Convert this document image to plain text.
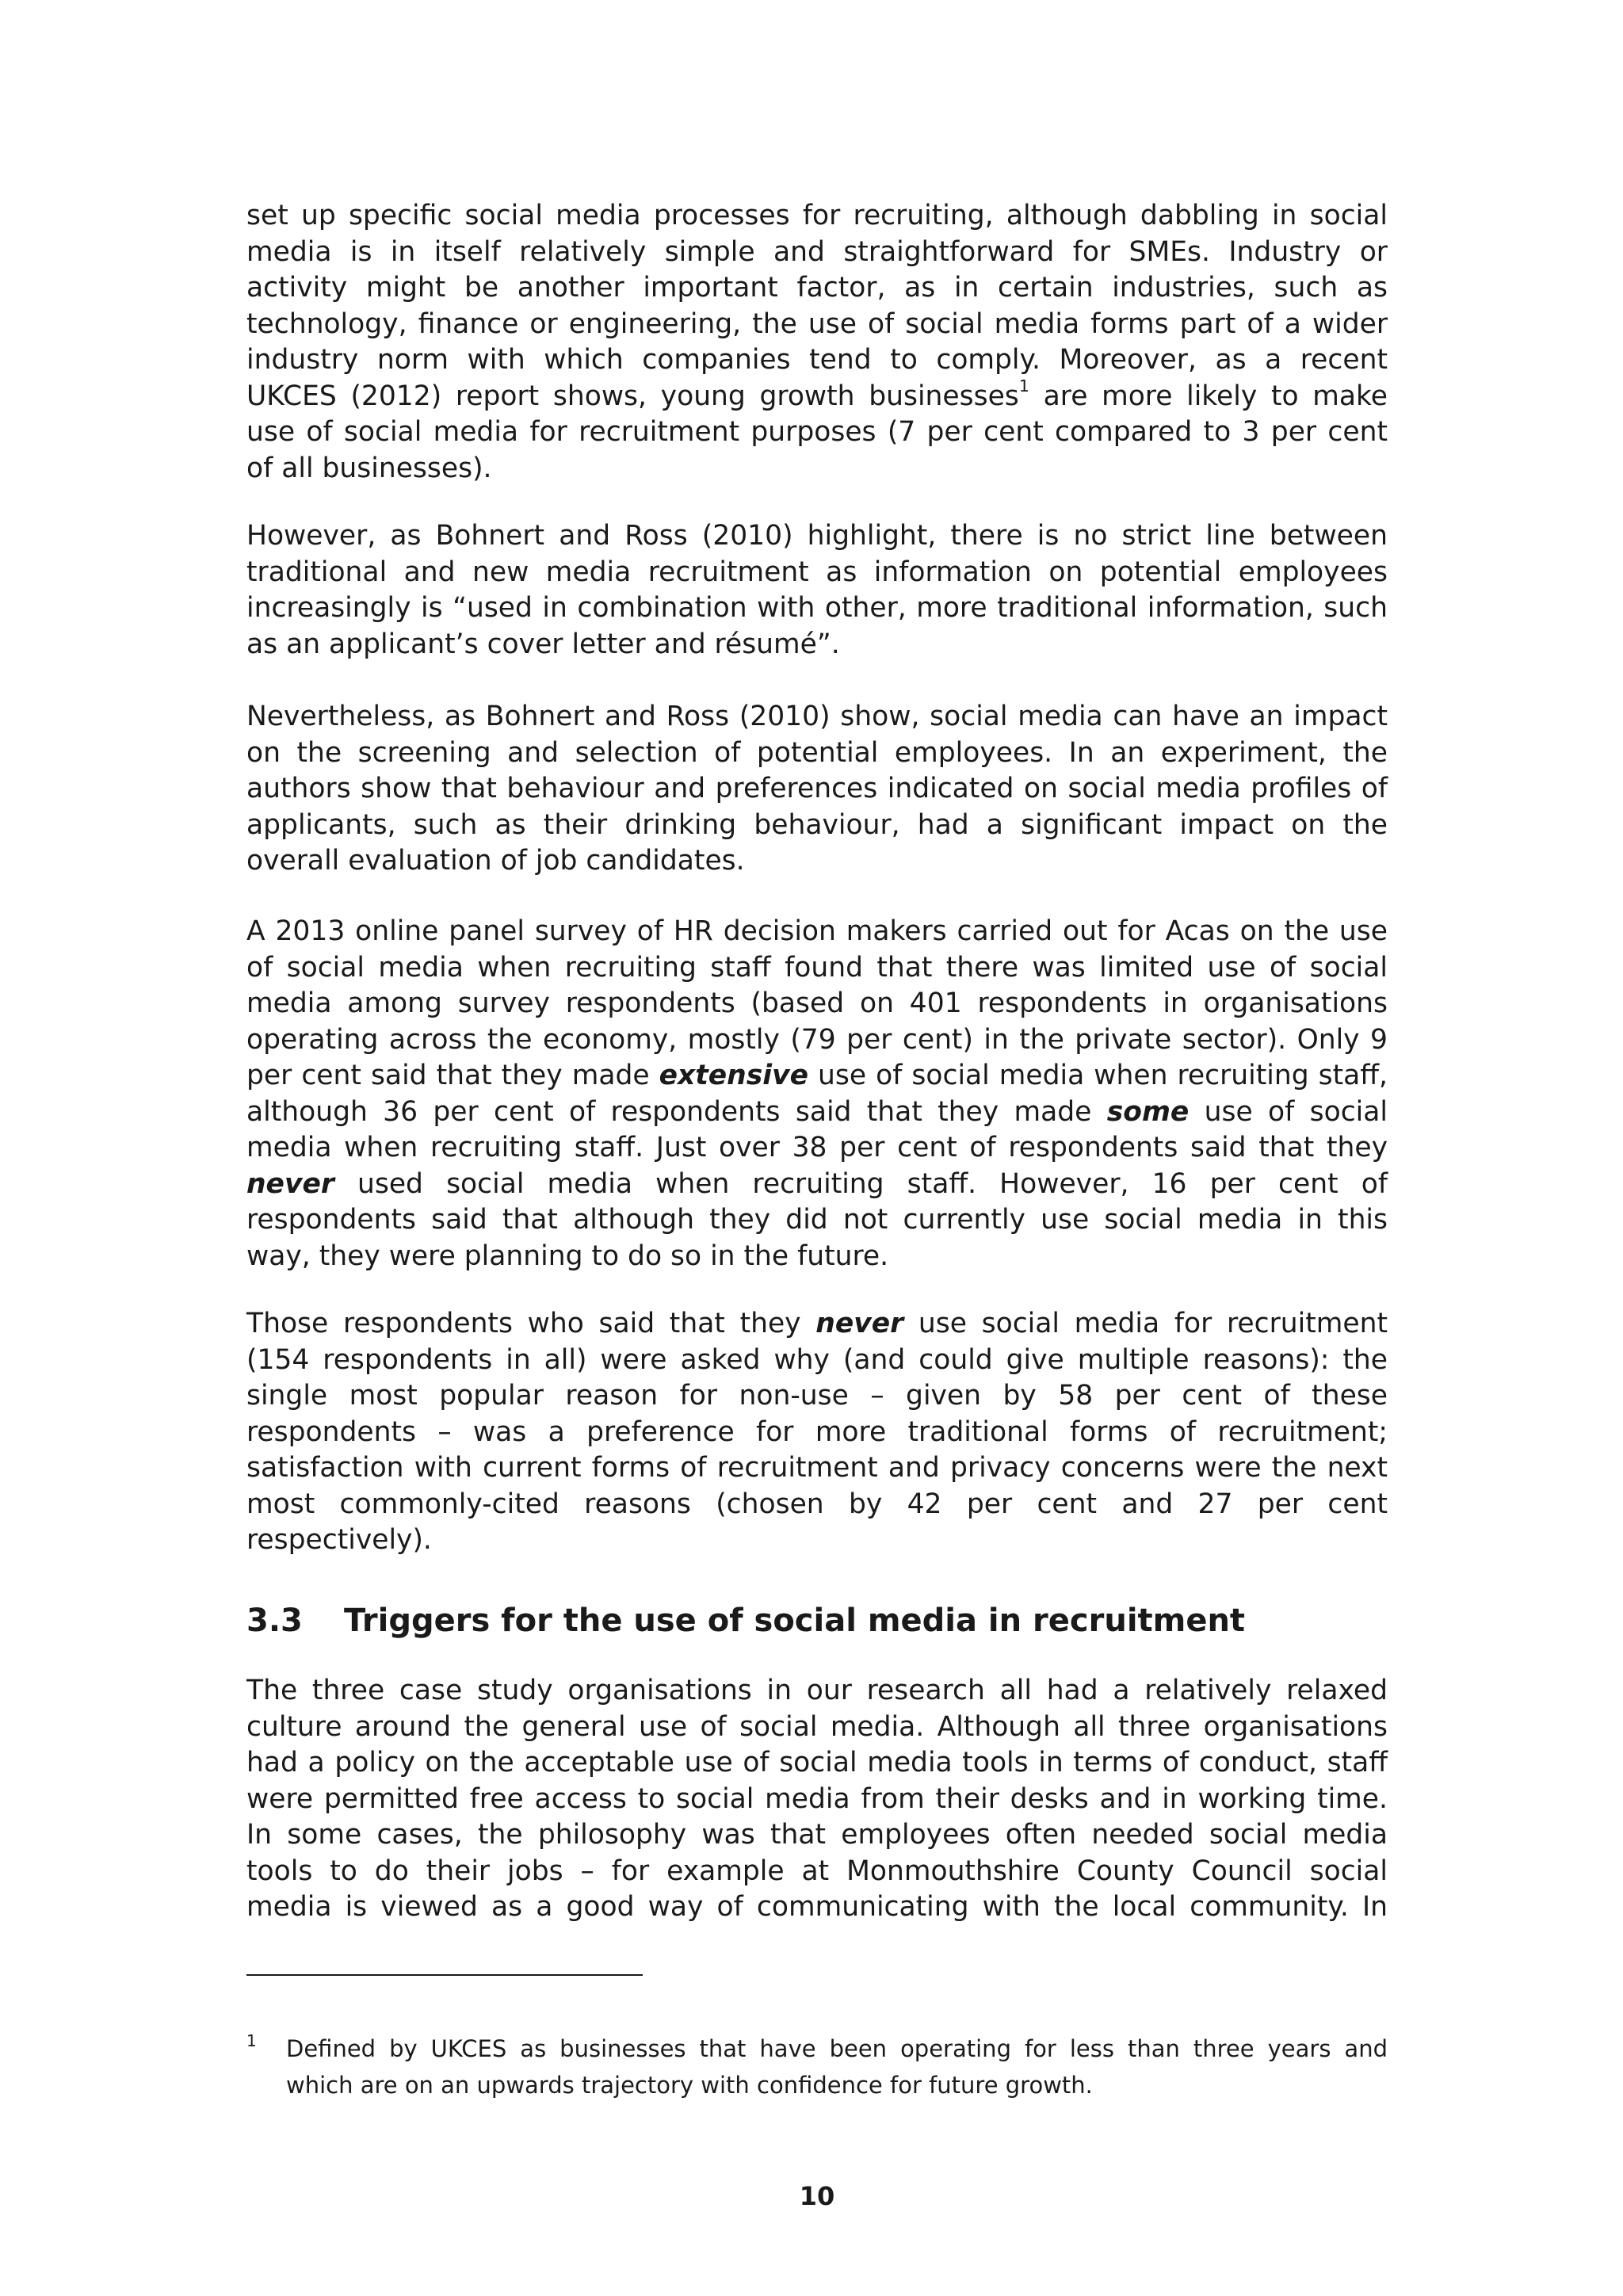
set up specific social media processes for recruiting, although dabbling in social
media is in itself relatively simple and straightforward for SMEs. Industry or
activity might be another important factor, as in certain industries, such as
technology, finance or engineering, the use of social media forms part of a wider
industry norm with which companies tend to comply. Moreover, as a recent
UKCES (2012) report shows, young growth businesses$^1$ are more likely to make
use of social media for recruitment purposes (7 per cent compared to 3 per cent
of all businesses).
However, as Bohnert and Ross (2010) highlight, there is no strict line between
traditional and new media recruitment as information on potential employees
increasingly is “used in combination with other, more traditional information, such
as an applicant’s cover letter and résumé”.
Nevertheless, as Bohnert and Ross (2010) show, social media can have an impact
on the screening and selection of potential employees. In an experiment, the
authors show that behaviour and preferences indicated on social media profiles of
applicants, such as their drinking behaviour, had a significant impact on the
overall evaluation of job candidates.
A 2013 online panel survey of HR decision makers carried out for Acas on the use
of social media when recruiting staff found that there was limited use of social
media among survey respondents (based on 401 respondents in organisations
operating across the economy, mostly (79 per cent) in the private sector). Only 9
per cent said that they made extensive use of social media when recruiting staff,
although 36 per cent of respondents said that they made some use of social
media when recruiting staff. Just over 38 per cent of respondents said that they
never used social media when recruiting staff. However, 16 per cent of
respondents said that although they did not currently use social media in this
way, they were planning to do so in the future.
Those respondents who said that they never use social media for recruitment
(154 respondents in all) were asked why (and could give multiple reasons): the
single most popular reason for non-use – given by 58 per cent of these
respondents – was a preference for more traditional forms of recruitment;
satisfaction with current forms of recruitment and privacy concerns were the next
most commonly-cited reasons (chosen by 42 per cent and 27 per cent
respectively).
3.3 Triggers for the use of social media in recruitment
The three case study organisations in our research all had a relatively relaxed
culture around the general use of social media. Although all three organisations
had a policy on the acceptable use of social media tools in terms of conduct, staff
were permitted free access to social media from their desks and in working time.
In some cases, the philosophy was that employees often needed social media
tools to do their jobs – for example at Monmouthshire County Council social
media is viewed as a good way of communicating with the local community. In
1 Defined by UKCES as businesses that have been operating for less than three years and
which are on an upwards trajectory with confidence for future growth.
10
